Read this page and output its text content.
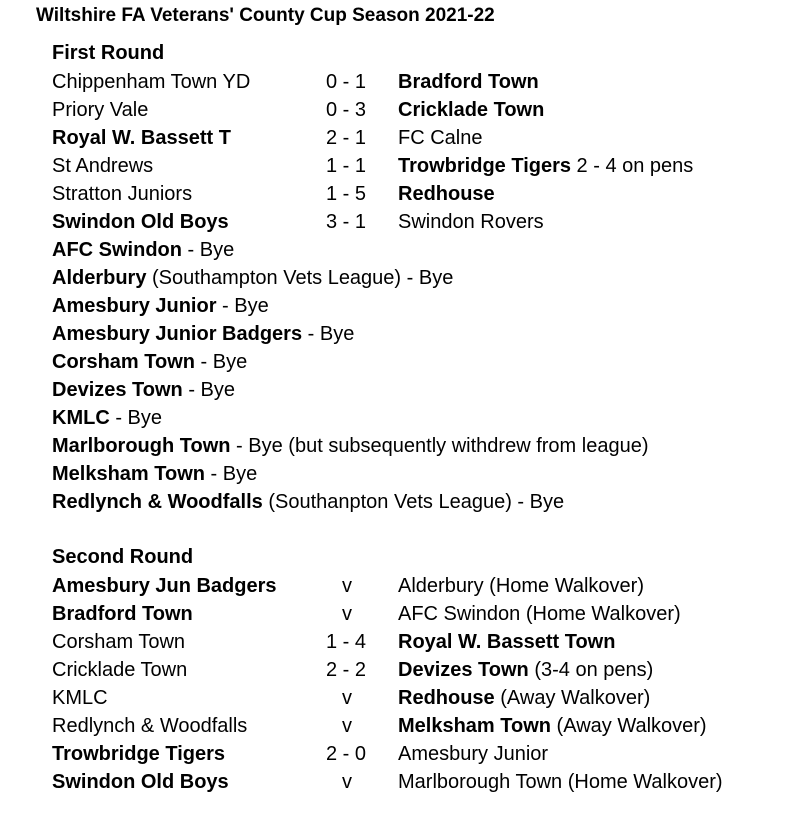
Wiltshire FA Veterans' County Cup Season 2021-22
First Round
Chippenham Town YD	0 - 1 Bradford Town
Priory Vale	0 - 3 Cricklade Town
Royal W. Bassett T	2 - 1 FC Calne
St Andrews	1 - 1 Trowbridge Tigers 2 - 4 on pens
Stratton Juniors	1 - 5 Redhouse
Swindon Old Boys	3 - 1 Swindon Rovers
AFC Swindon - Bye
Alderbury (Southampton Vets League) - Bye
Amesbury Junior - Bye
Amesbury Junior Badgers - Bye
Corsham Town - Bye
Devizes Town - Bye
KMLC - Bye
Marlborough Town - Bye (but subsequently withdrew from league)
Melksham Town - Bye
Redlynch & Woodfalls (Southanpton Vets League) - Bye
Second Round
Amesbury Jun Badgers	v Alderbury (Home Walkover)
Bradford Town	v AFC Swindon (Home Walkover)
Corsham Town	1 - 4 Royal W. Bassett Town
Cricklade Town	2 - 2 Devizes Town (3-4 on pens)
KMLC	v Redhouse (Away Walkover)
Redlynch & Woodfalls	v Melksham Town (Away Walkover)
Trowbridge Tigers	2 - 0 Amesbury Junior
Swindon Old Boys	v Marlborough Town (Home Walkover)
